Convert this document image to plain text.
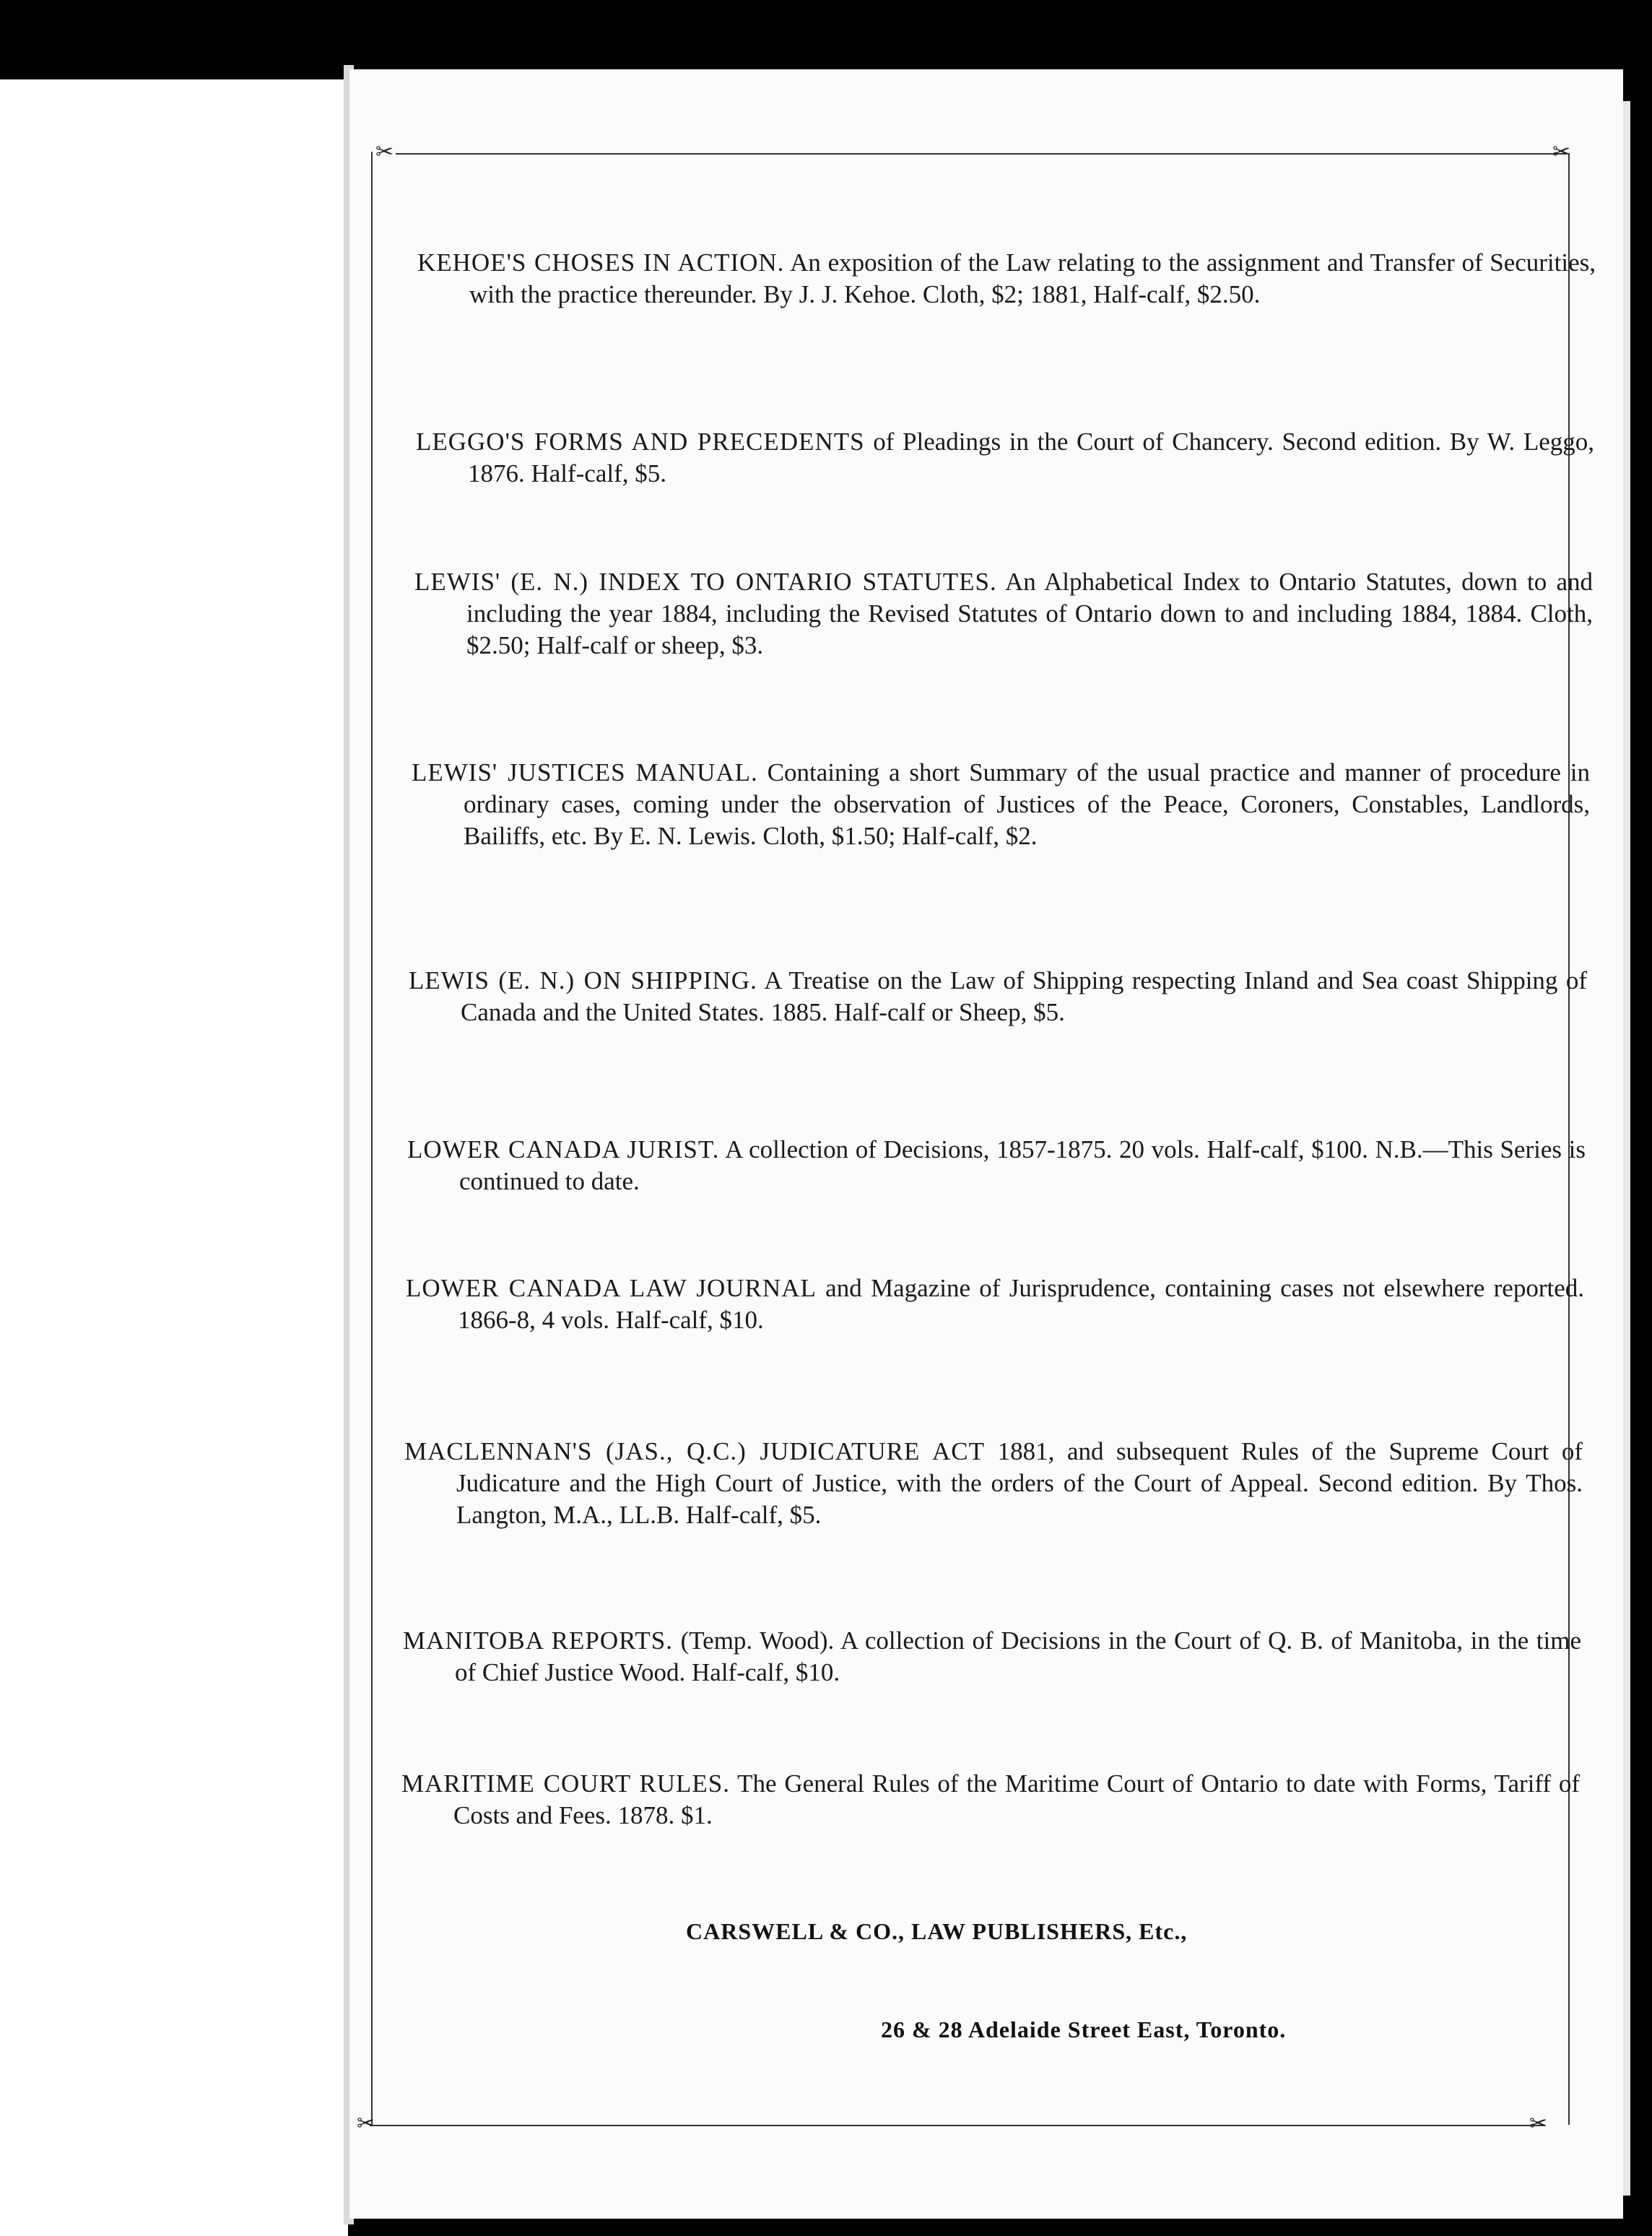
✂	✂
✂	✂
KEHOE'S CHOSES IN ACTION. An exposition of the Law relating to the assignment and Transfer of Securities, with the practice thereunder. By J. J. Kehoe. Cloth, $2; 1881, Half-calf, $2.50.
LEGGO'S FORMS AND PRECEDENTS of Pleadings in the Court of Chancery. Second edition. By W. Leggo, 1876. Half-calf, $5.
LEWIS' (E. N.) INDEX TO ONTARIO STATUTES. An Alphabetical Index to Ontario Statutes, down to and including the year 1884, including the Revised Statutes of Ontario down to and including 1884, 1884. Cloth, $2.50; Half-calf or sheep, $3.
LEWIS' JUSTICES MANUAL. Containing a short Summary of the usual practice and manner of procedure in ordinary cases, coming under the observation of Justices of the Peace, Coroners, Constables, Landlords, Bailiffs, etc. By E. N. Lewis. Cloth, $1.50; Half-calf, $2.
LEWIS (E. N.) ON SHIPPING. A Treatise on the Law of Shipping respecting Inland and Sea coast Shipping of Canada and the United States. 1885. Half-calf or Sheep, $5.
LOWER CANADA JURIST. A collection of Decisions, 1857-1875. 20 vols. Half-calf, $100. N.B.—This Series is continued to date.
LOWER CANADA LAW JOURNAL and Magazine of Jurisprudence, containing cases not elsewhere reported. 1866-8, 4 vols. Half-calf, $10.
MACLENNAN'S (JAS., Q.C.) JUDICATURE ACT 1881, and subsequent Rules of the Supreme Court of Judicature and the High Court of Justice, with the orders of the Court of Appeal. Second edition. By Thos. Langton, M.A., LL.B. Half-calf, $5.
MANITOBA REPORTS. (Temp. Wood). A collection of Decisions in the Court of Q. B. of Manitoba, in the time of Chief Justice Wood. Half-calf, $10.
MARITIME COURT RULES. The General Rules of the Maritime Court of Ontario to date with Forms, Tariff of Costs and Fees. 1878. $1.
CARSWELL & CO., LAW PUBLISHERS, Etc.,
26 & 28 Adelaide Street East, Toronto.
